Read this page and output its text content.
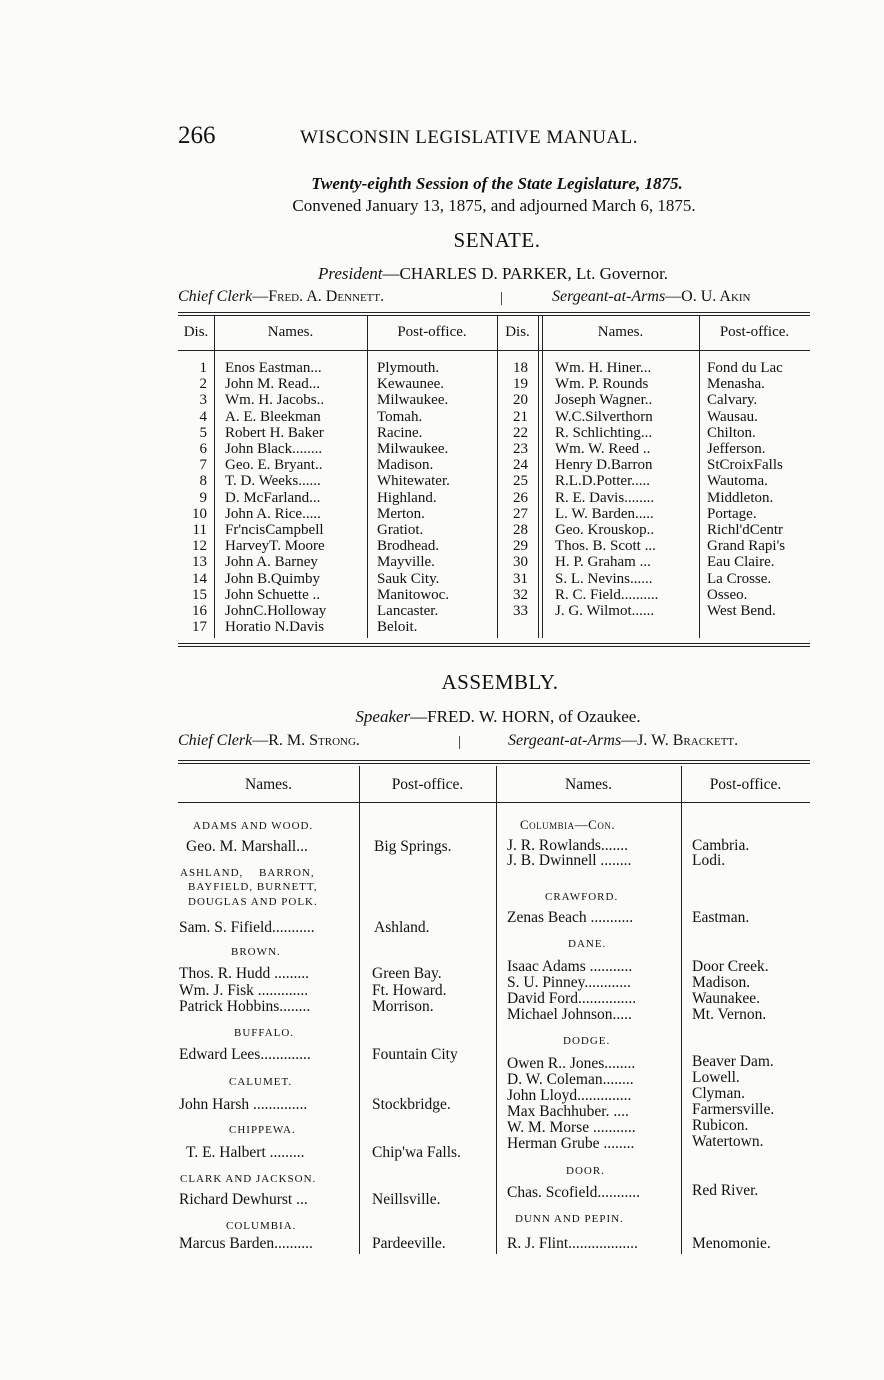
266	WISCONSIN LEGISLATIVE MANUAL.
Twenty-eighth Session of the State Legislature, 1875.
Convened January 13, 1875, and adjourned March 6, 1875.
SENATE.
President—CHARLES D. PARKER, Lt. Governor.
Chief Clerk—Fred. A. Dennett.	|	Sergeant-at-Arms—O. U. Akin
Dis.	Names.	Post-office.	Dis.	Names.	Post-office.
1 Enos Eastman...	Plymouth.
2 John M. Read...	Kewaunee.
3 Wm. H. Jacobs..	Milwaukee.
4 A. E. Bleekman	Tomah.
5 Robert H. Baker	Racine.
6 John Black........	Milwaukee.
7 Geo. E. Bryant..	Madison.
8 T. D. Weeks......	Whitewater.
9 D. McFarland...	Highland.
10 John A. Rice.....	Merton.
11 Fr'ncisCampbell	Gratiot.
12 HarveyT. Moore	Brodhead.
13 John A. Barney	Mayville.
14 John B.Quimby	Sauk City.
15 John Schuette ..	Manitowoc.
16 JohnC.Holloway	Lancaster.
17 Horatio N.Davis	Beloit.
18 Wm. H. Hiner...	Fond du Lac
19 Wm. P. Rounds	Menasha.
20 Joseph Wagner..	Calvary.
21 W.C.Silverthorn	Wausau.
22 R. Schlichting...	Chilton.
23 Wm. W. Reed ..	Jefferson.
24 Henry D.Barron	StCroixFalls
25 R.L.D.Potter.....	Wautoma.
26 R. E. Davis........	Middleton.
27 L. W. Barden.....	Portage.
28 Geo. Krouskop..	Richl'dCentr
29 Thos. B. Scott ...	Grand Rapi's
30 H. P. Graham ...	Eau Claire.
31 S. L. Nevins......	La Crosse.
32 R. C. Field..........	Osseo.
33 J. G. Wilmot......	West Bend.
ASSEMBLY.
Speaker—FRED. W. HORN, of Ozaukee.
Chief Clerk—R. M. Strong.	|	Sergeant-at-Arms—J. W. Brackett.
Names.	Post-office.	Names.	Post-office.
ADAMS AND WOOD.
Geo. M. Marshall...	Big Springs.
ASHLAND, BARRON,
BAYFIELD, BURNETT,
DOUGLAS AND POLK.
Sam. S. Fifield...........	Ashland.
BROWN.
Thos. R. Hudd .........	Green Bay.
Wm. J. Fisk .............	Ft. Howard.
Patrick Hobbins........	Morrison.
BUFFALO.
Edward Lees.............	Fountain City
CALUMET.
John Harsh ..............	Stockbridge.
CHIPPEWA.
T. E. Halbert .........	Chip'wa Falls.
CLARK AND JACKSON.
Richard Dewhurst ...	Neillsville.
COLUMBIA.
Marcus Barden..........	Pardeeville.
Columbia—Con.
J. R. Rowlands.......	Cambria.
J. B. Dwinnell ........	Lodi.
CRAWFORD.
Zenas Beach ...........	Eastman.
DANE.
Isaac Adams ...........	Door Creek.
S. U. Pinney............	Madison.
David Ford...............	Waunakee.
Michael Johnson.....	Mt. Vernon.
DODGE.
Owen R.. Jones........	Beaver Dam.
D. W. Coleman........	Lowell.
John Lloyd..............	Clyman.
Max Bachhuber. ....	Farmersville.
W. M. Morse ...........	Rubicon.
Herman Grube ........	Watertown.
DOOR.
Chas. Scofield...........	Red River.
DUNN AND PEPIN.
R. J. Flint..................	Menomonie.
